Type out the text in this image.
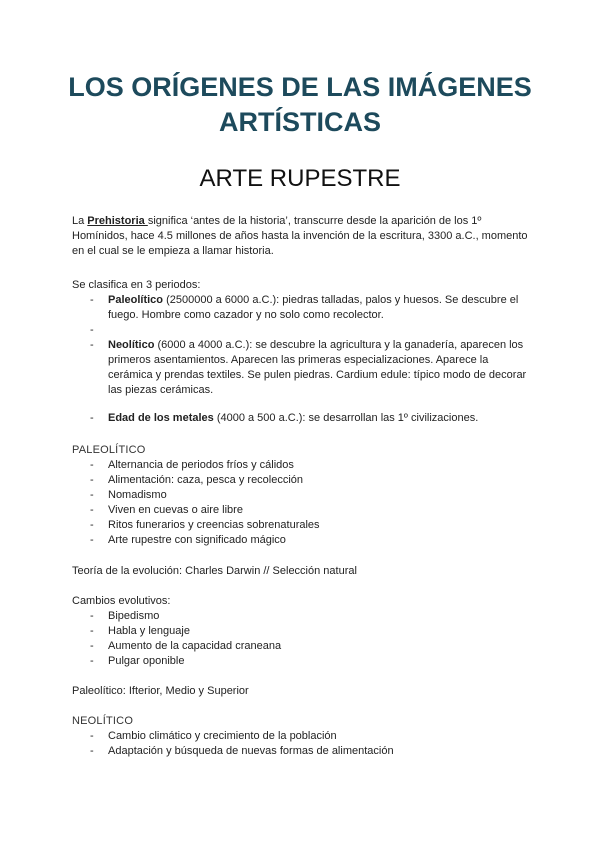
LOS ORÍGENES DE LAS IMÁGENES ARTÍSTICAS
ARTE RUPESTRE

La Prehistoria significa ‘antes de la historia’, transcurre desde la aparición de los 1º Homínidos, hace 4.5 millones de años hasta la invención de la escritura, 3300 a.C., momento en el cual se le empieza a llamar historia.

Se clasifica en 3 periodos:
- Paleolítico (2500000 a 6000 a.C.): piedras talladas, palos y huesos. Se descubre el fuego. Hombre como cazador y no solo como recolector.
-
- Neolítico (6000 a 4000 a.C.): se descubre la agricultura y la ganadería, aparecen los primeros asentamientos. Aparecen las primeras especializaciones. Aparece la cerámica y prendas textiles. Se pulen piedras. Cardium edule: típico modo de decorar las piezas cerámicas.
- Edad de los metales (4000 a 500 a.C.): se desarrollan las 1º civilizaciones.
PALEOLÍTICO
- Alternancia de periodos fríos y cálidos
- Alimentación: caza, pesca y recolección
- Nomadismo
- Viven en cuevas o aire libre
- Ritos funerarios y creencias sobrenaturales
- Arte rupestre con significado mágico

Teoría de la evolución: Charles Darwin // Selección natural

Cambios evolutivos:
- Bipedismo
- Habla y lenguaje
- Aumento de la capacidad craneana
- Pulgar oponible

Paleolítico: Ifterior, Medio y Superior

NEOLÍTICO
- Cambio climático y crecimiento de la población
- Adaptación y búsqueda de nuevas formas de alimentación
